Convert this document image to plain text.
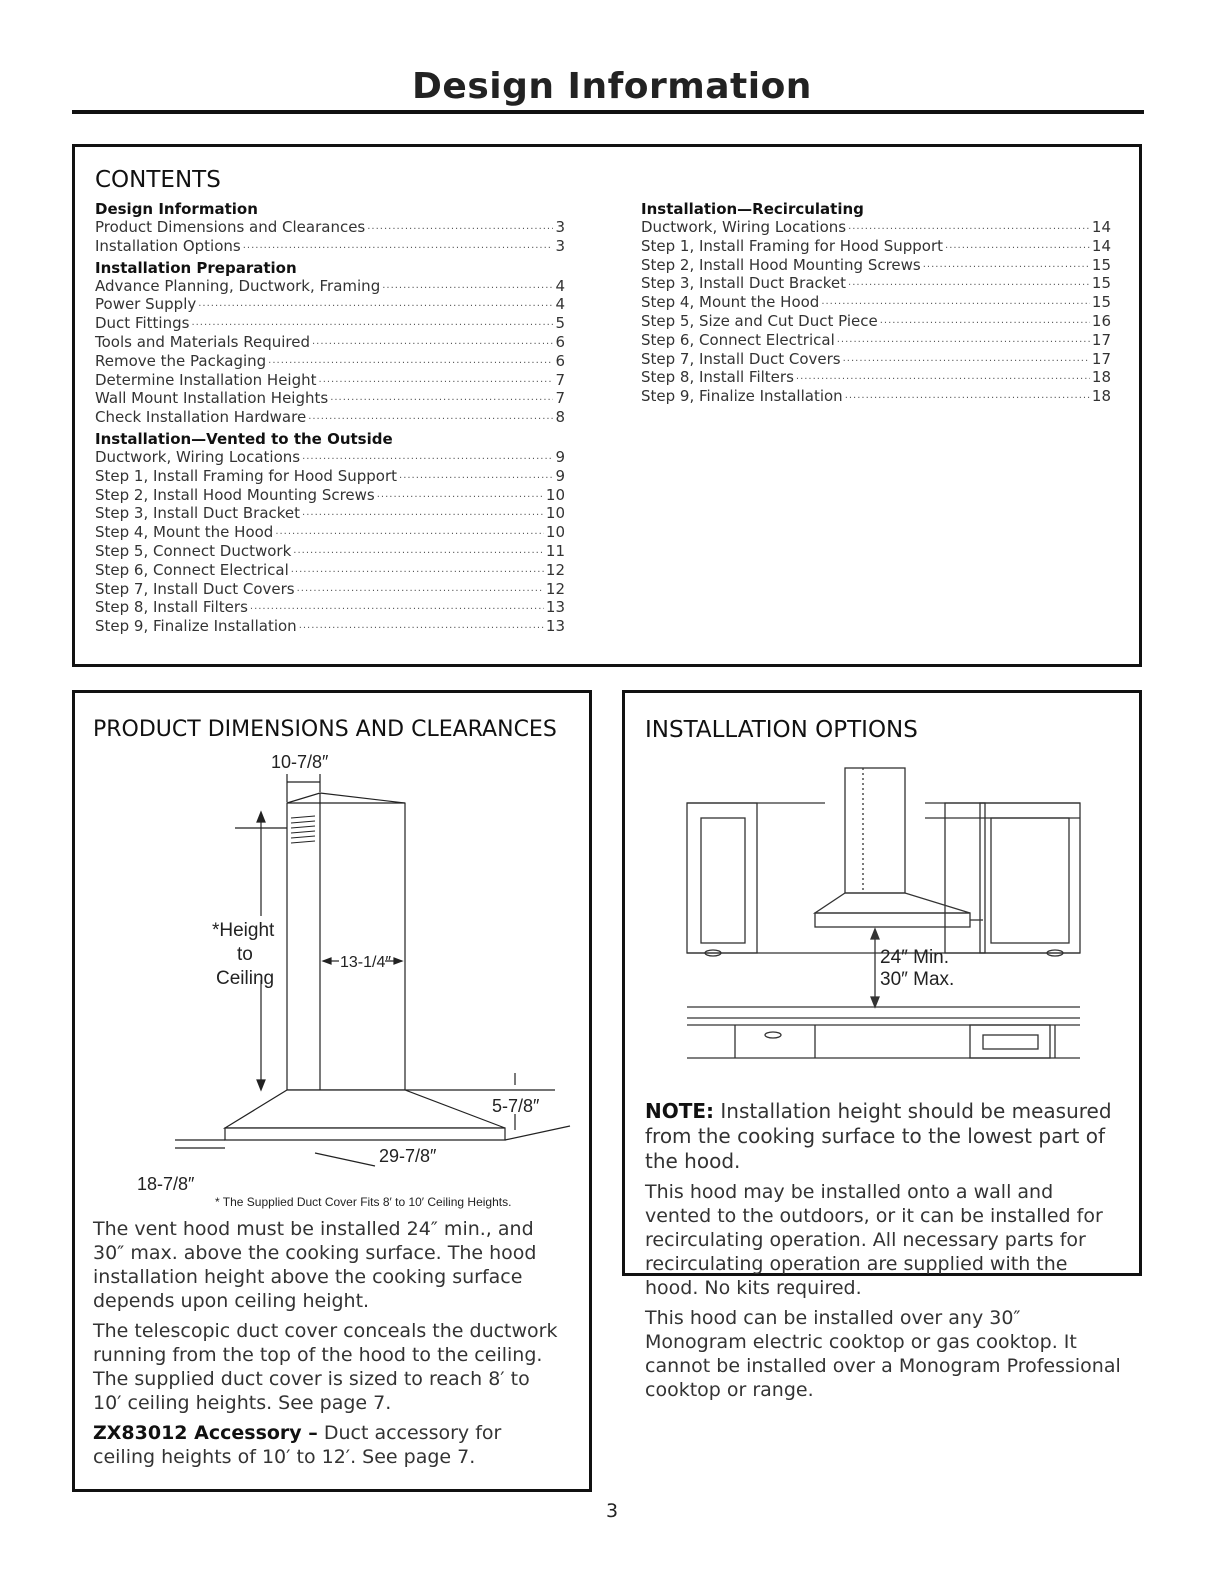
Design Information
CONTENTS
Design Information
Product Dimensions and Clearances .....	3
Installation Options .....	3
Installation Preparation
Advance Planning, Ductwork, Framing .....	4
Power Supply .....	4
Duct Fittings .....	5
Tools and Materials Required .....	6
Remove the Packaging .....	6
Determine Installation Height .....	7
Wall Mount Installation Heights .....	7
Check Installation Hardware .....	8
Installation—Vented to the Outside
Ductwork, Wiring Locations .....	9
Step 1, Install Framing for Hood Support .....	9
Step 2, Install Hood Mounting Screws .....	10
Step 3, Install Duct Bracket .....	10
Step 4, Mount the Hood .....	10
Step 5, Connect Ductwork .....	11
Step 6, Connect Electrical .....	12
Step 7, Install Duct Covers .....	12
Step 8, Install Filters .....	13
Step 9, Finalize Installation .....	13
Installation—Recirculating
Ductwork, Wiring Locations .....	14
Step 1, Install Framing for Hood Support .....	14
Step 2, Install Hood Mounting Screws .....	15
Step 3, Install Duct Bracket .....	15
Step 4, Mount the Hood .....	15
Step 5, Size and Cut Duct Piece .....	16
Step 6, Connect Electrical .....	17
Step 7, Install Duct Covers .....	17
Step 8, Install Filters .....	18
Step 9, Finalize Installation .....	18
PRODUCT DIMENSIONS AND CLEARANCES
10-7/8″
*Height
to
Ceiling
13-1/4″
5-7/8″
29-7/8″
18-7/8″
* The Supplied Duct Cover Fits 8′ to 10′ Ceiling Heights.

The vent hood must be installed 24″ min., and 30″ max. above the cooking surface. The hood installation height above the cooking surface depends upon ceiling height.

The telescopic duct cover conceals the ductwork running from the top of the hood to the ceiling. The supplied duct cover is sized to reach 8′ to 10′ ceiling heights. See page 7.

ZX83012 Accessory – Duct accessory for ceiling heights of 10′ to 12′. See page 7.

INSTALLATION OPTIONS
24″ Min.
30″ Max.

NOTE: Installation height should be measured from the cooking surface to the lowest part of the hood.

This hood may be installed onto a wall and vented to the outdoors, or it can be installed for recirculating operation. All necessary parts for recirculating operation are supplied with the hood. No kits required.

This hood can be installed over any 30″ Monogram electric cooktop or gas cooktop. It cannot be installed over a Monogram Professional cooktop or range.

3
